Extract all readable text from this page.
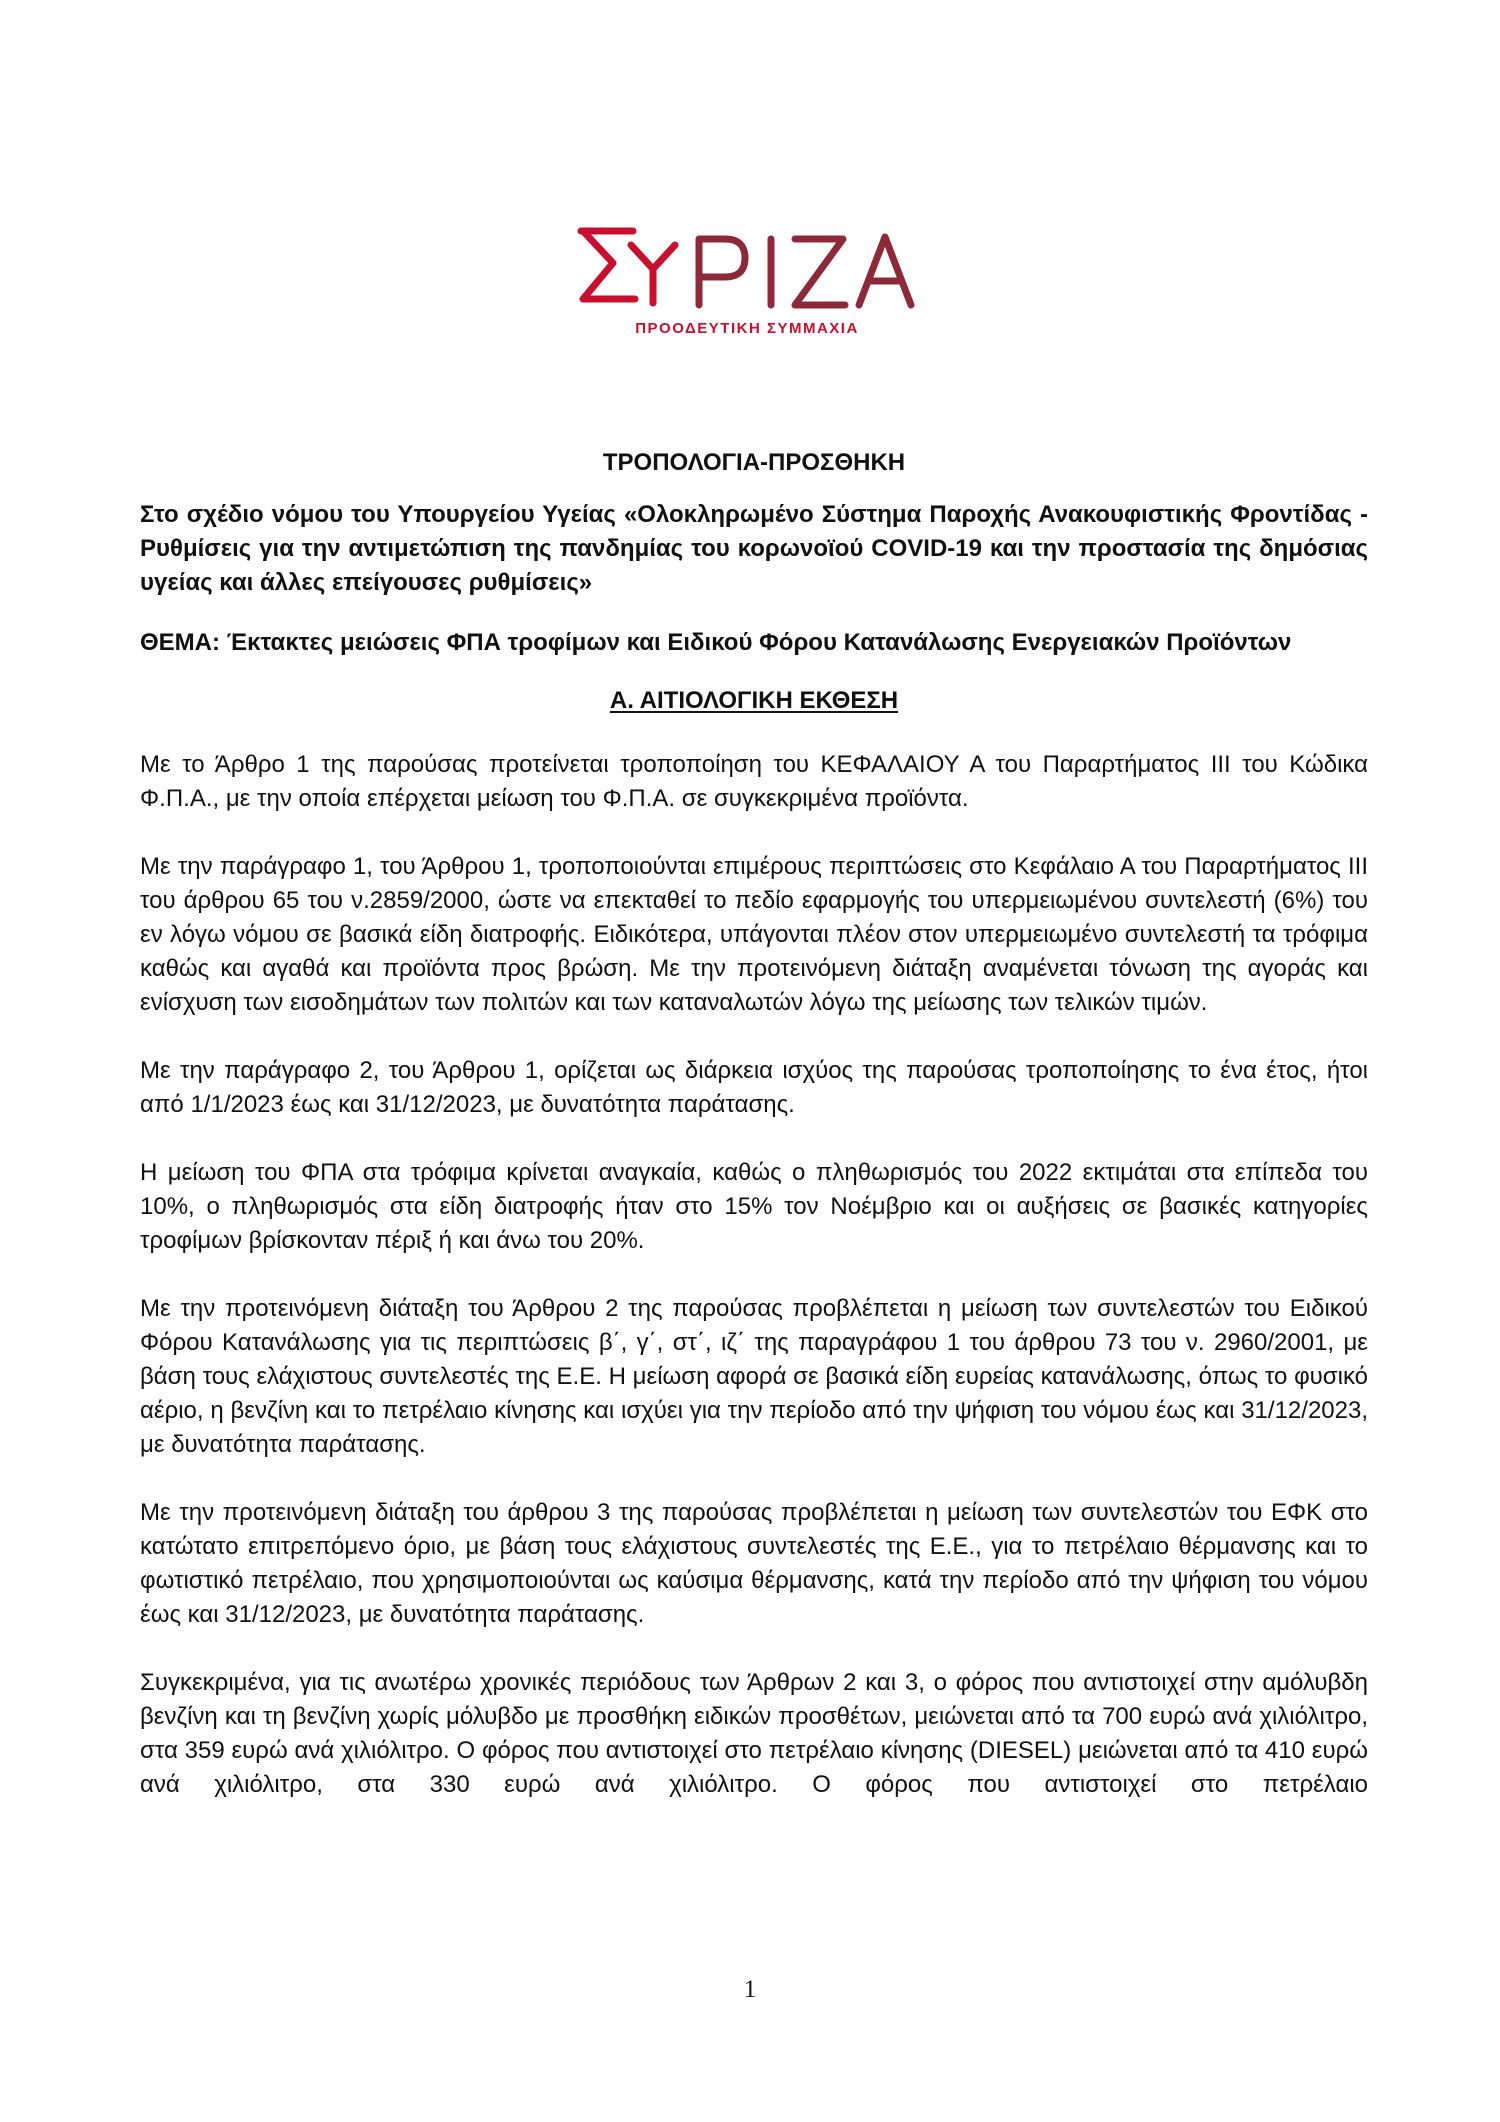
ΠΡΟΟΔΕΥΤΙΚΗ ΣΥΜΜΑΧΙΑ
ΤΡΟΠΟΛΟΓΙΑ-ΠΡΟΣΘΗΚΗ
Στο σχέδιο νόμου του Υπουργείου Υγείας «Ολοκληρωμένο Σύστημα Παροχής Ανακουφιστικής Φροντίδας - Ρυθμίσεις για την αντιμετώπιση της πανδημίας του κορωνοϊού COVID-19 και την προστασία της δημόσιας υγείας και άλλες επείγουσες ρυθμίσεις»
ΘΕΜΑ: Έκτακτες μειώσεις ΦΠΑ τροφίμων και Ειδικού Φόρου Κατανάλωσης Ενεργειακών Προϊόντων
Α. ΑΙΤΙΟΛΟΓΙΚΗ ΕΚΘΕΣΗ

Με το Άρθρο 1 της παρούσας προτείνεται τροποποίηση του ΚΕΦΑΛΑΙΟΥ Α του Παραρτήματος ΙΙΙ του Κώδικα Φ.Π.Α., με την οποία επέρχεται μείωση του Φ.Π.Α. σε συγκεκριμένα προϊόντα.

Με την παράγραφο 1, του Άρθρου 1, τροποποιούνται επιμέρους περιπτώσεις στο Κεφάλαιο Α του Παραρτήματος ΙΙΙ του άρθρου 65 του ν.2859/2000, ώστε να επεκταθεί το πεδίο εφαρμογής του υπερμειωμένου συντελεστή (6%) του εν λόγω νόμου σε βασικά είδη διατροφής. Ειδικότερα, υπάγονται πλέον στον υπερμειωμένο συντελεστή τα τρόφιμα καθώς και αγαθά και προϊόντα προς βρώση. Με την προτεινόμενη διάταξη αναμένεται τόνωση της αγοράς και ενίσχυση των εισοδημάτων των πολιτών και των καταναλωτών λόγω της μείωσης των τελικών τιμών.

Με την παράγραφο 2, του Άρθρου 1, ορίζεται ως διάρκεια ισχύος της παρούσας τροποποίησης το ένα έτος, ήτοι από 1/1/2023 έως και 31/12/2023, με δυνατότητα παράτασης.

Η μείωση του ΦΠΑ στα τρόφιμα κρίνεται αναγκαία, καθώς ο πληθωρισμός του 2022 εκτιμάται στα επίπεδα του 10%, ο πληθωρισμός στα είδη διατροφής ήταν στο 15% τον Νοέμβριο και οι αυξήσεις σε βασικές κατηγορίες τροφίμων βρίσκονταν πέριξ ή και άνω του 20%.

Με την προτεινόμενη διάταξη του Άρθρου 2 της παρούσας προβλέπεται η μείωση των συντελεστών του Ειδικού Φόρου Κατανάλωσης για τις περιπτώσεις β΄, γ΄, στ΄, ιζ΄ της παραγράφου 1 του άρθρου 73 του ν. 2960/2001, με βάση τους ελάχιστους συντελεστές της Ε.Ε. Η μείωση αφορά σε βασικά είδη ευρείας κατανάλωσης, όπως το φυσικό αέριο, η βενζίνη και το πετρέλαιο κίνησης και ισχύει για την περίοδο από την ψήφιση του νόμου έως και 31/12/2023, με δυνατότητα παράτασης.

Με την προτεινόμενη διάταξη του άρθρου 3 της παρούσας προβλέπεται η μείωση των συντελεστών του ΕΦΚ στο κατώτατο επιτρεπόμενο όριο, με βάση τους ελάχιστους συντελεστές της Ε.Ε., για το πετρέλαιο θέρμανσης και το φωτιστικό πετρέλαιο, που χρησιμοποιούνται ως καύσιμα θέρμανσης, κατά την περίοδο από την ψήφιση του νόμου έως και 31/12/2023, με δυνατότητα παράτασης.

Συγκεκριμένα, για τις ανωτέρω χρονικές περιόδους των Άρθρων 2 και 3, ο φόρος που αντιστοιχεί στην αμόλυβδη βενζίνη και τη βενζίνη χωρίς μόλυβδο με προσθήκη ειδικών προσθέτων, μειώνεται από τα 700 ευρώ ανά χιλιόλιτρο, στα 359 ευρώ ανά χιλιόλιτρο. Ο φόρος που αντιστοιχεί στο πετρέλαιο κίνησης (DIESEL) μειώνεται από τα 410 ευρώ ανά χιλιόλιτρο, στα 330 ευρώ ανά χιλιόλιτρο. Ο φόρος που αντιστοιχεί στο πετρέλαιο

1
